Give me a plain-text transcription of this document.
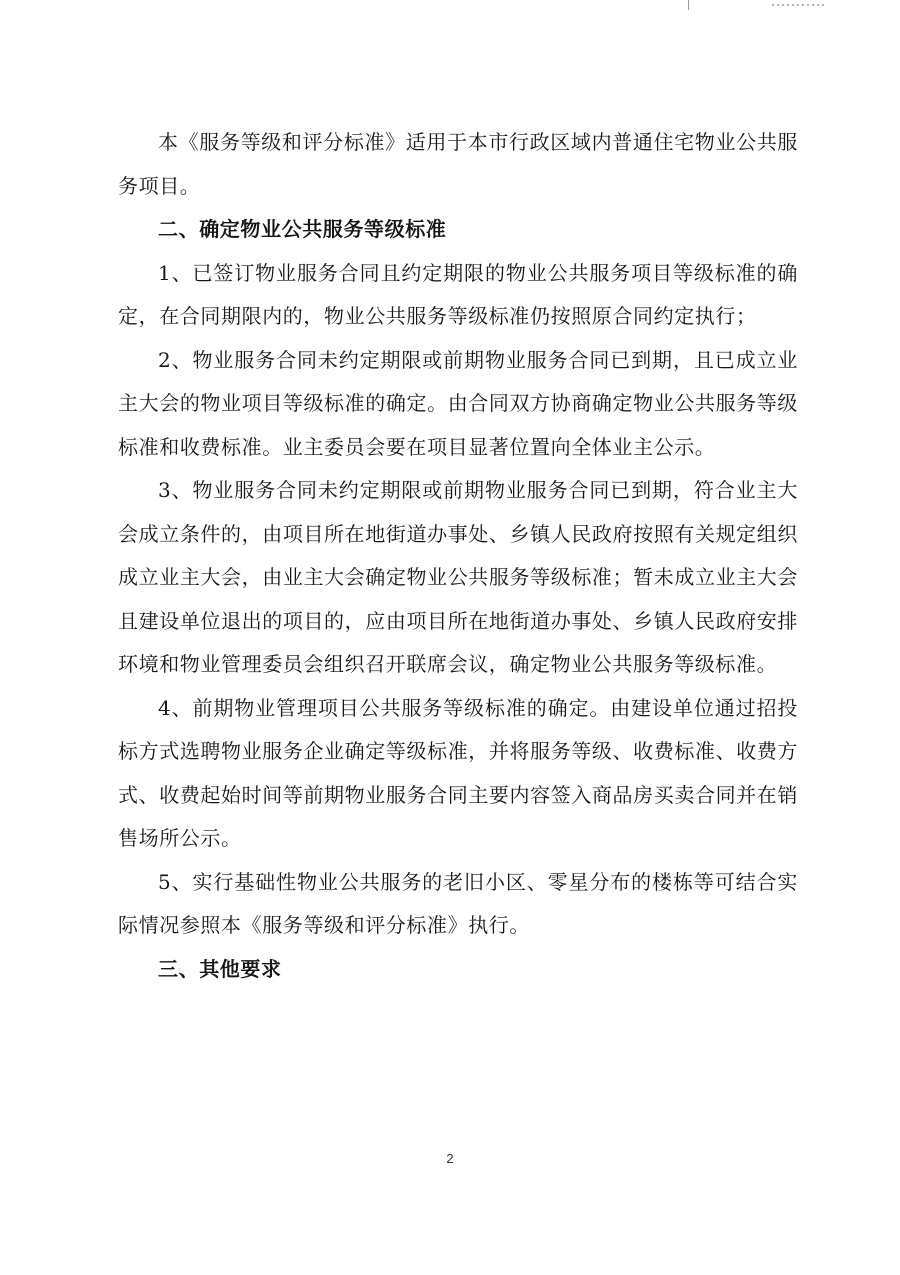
本《服务等级和评分标准》适用于本市行政区域内普通住宅物业公共服务项目。

二、确定物业公共服务等级标准

1、已签订物业服务合同且约定期限的物业公共服务项目等级标准的确定，在合同期限内的，物业公共服务等级标准仍按照原合同约定执行；

2、物业服务合同未约定期限或前期物业服务合同已到期，且已成立业主大会的物业项目等级标准的确定。由合同双方协商确定物业公共服务等级标准和收费标准。业主委员会要在项目显著位置向全体业主公示。

3、物业服务合同未约定期限或前期物业服务合同已到期，符合业主大会成立条件的，由项目所在地街道办事处、乡镇人民政府按照有关规定组织成立业主大会，由业主大会确定物业公共服务等级标准；暂未成立业主大会且建设单位退出的项目的，应由项目所在地街道办事处、乡镇人民政府安排环境和物业管理委员会组织召开联席会议，确定物业公共服务等级标准。

4、前期物业管理项目公共服务等级标准的确定。由建设单位通过招投标方式选聘物业服务企业确定等级标准，并将服务等级、收费标准、收费方式、收费起始时间等前期物业服务合同主要内容签入商品房买卖合同并在销售场所公示。

5、实行基础性物业公共服务的老旧小区、零星分布的楼栋等可结合实际情况参照本《服务等级和评分标准》执行。

三、其他要求

2
